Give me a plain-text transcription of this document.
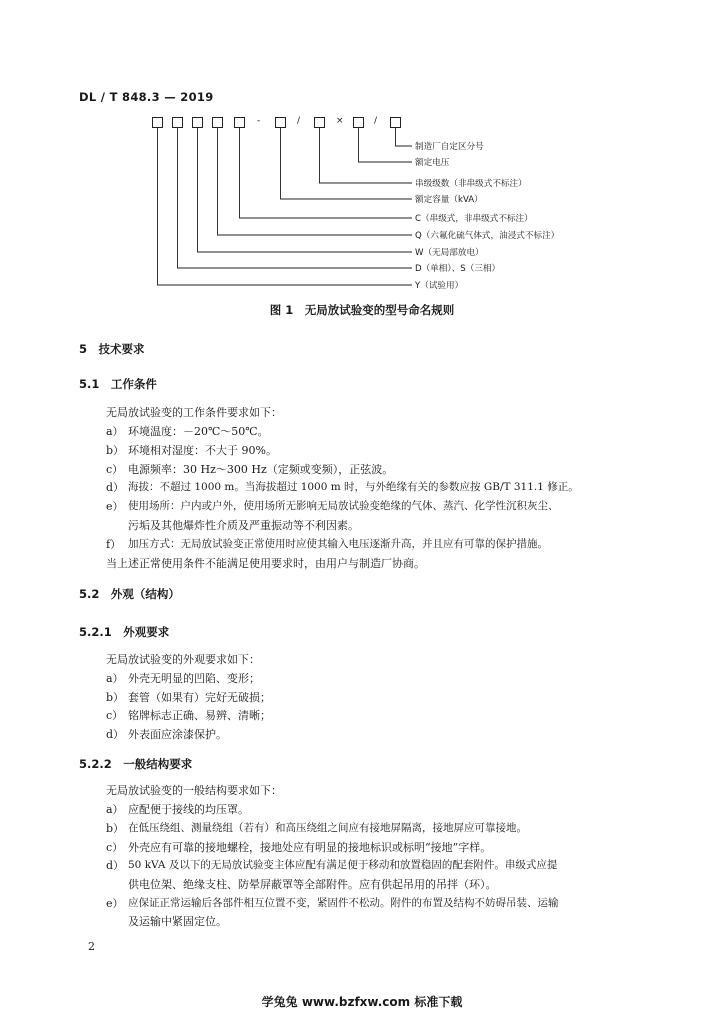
DL / T 848.3 — 2019
-	/	×	/
制造厂自定区分号
额定电压
串级级数（非串级式不标注）
额定容量（kVA）
C（串级式，非串级式不标注）
Q（六氟化硫气体式，油浸式不标注）
W（无局部放电）
D（单相）、S（三相）
Y（试验用）
图 1　无局放试验变的型号命名规则
5　技术要求
5.1　工作条件
无局放试验变的工作条件要求如下：
a） 环境温度：－20℃～50℃。
b） 环境相对湿度：不大于 90%。
c） 电源频率：30 Hz～300 Hz（定频或变频），正弦波。
d） 海拔：不超过 1000 m。当海拔超过 1000 m 时，与外绝缘有关的参数应按 GB/T 311.1 修正。
e） 使用场所：户内或户外，使用场所无影响无局放试验变绝缘的气体、蒸汽、化学性沉积灰尘、
污垢及其他爆炸性介质及严重振动等不利因素。
f） 加压方式：无局放试验变正常使用时应使其输入电压逐渐升高，并且应有可靠的保护措施。
当上述正常使用条件不能满足使用要求时，由用户与制造厂协商。
5.2　外观（结构）
5.2.1　外观要求
无局放试验变的外观要求如下：
a） 外壳无明显的凹陷、变形；
b） 套管（如果有）完好无破损；
c） 铭牌标志正确、易辨、清晰；
d） 外表面应涂漆保护。
5.2.2　一般结构要求
无局放试验变的一般结构要求如下：
a） 应配便于接线的均压罩。
b） 在低压绕组、测量绕组（若有）和高压绕组之间应有接地屏隔离，接地屏应可靠接地。
c） 外壳应有可靠的接地螺栓，接地处应有明显的接地标识或标明“接地”字样。
d） 50 kVA 及以下的无局放试验变主体应配有满足便于移动和放置稳固的配套附件。串级式应提
供电位架、绝缘支柱、防晕屏蔽罩等全部附件。应有供起吊用的吊拌（环）。
e） 应保证正常运输后各部件相互位置不变，紧固件不松动。附件的布置及结构不妨碍吊装、运输
及运输中紧固定位。
2
学兔兔 www.bzfxw.com 标准下载
